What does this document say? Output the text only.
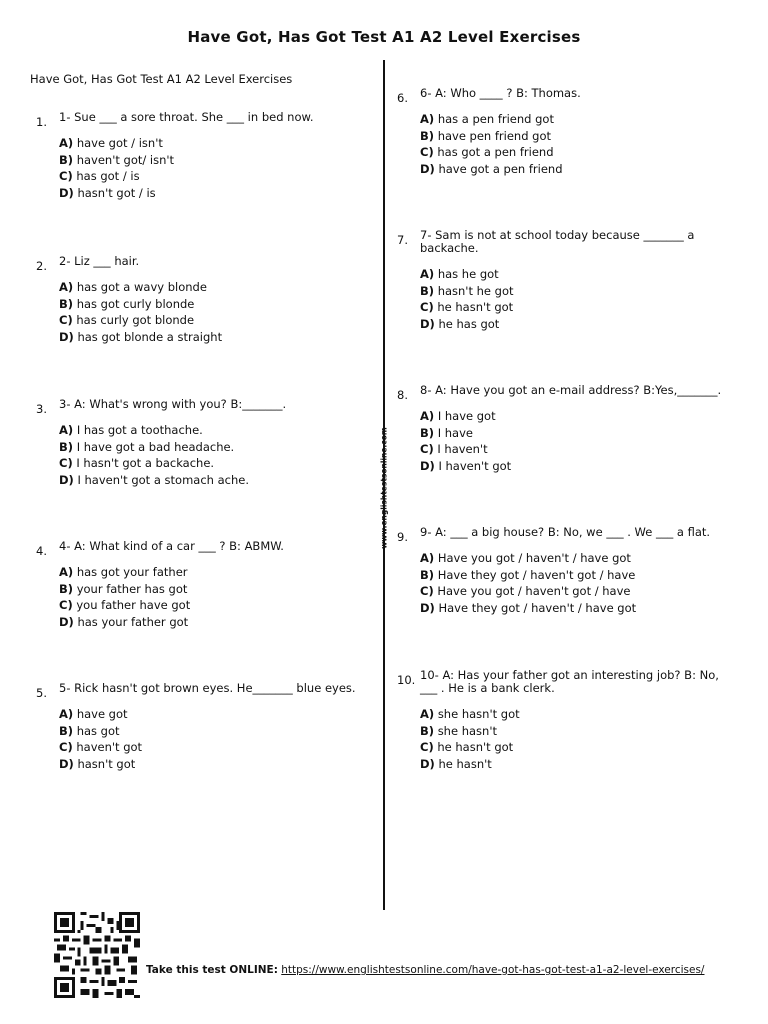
Have Got, Has Got Test A1 A2 Level Exercises
Have Got, Has Got Test A1 A2 Level Exercises
www.englishtestsonline.com
1. 1- Sue ___ a sore throat. She ___ in bed now.
A) have got / isn't
B) haven't got/ isn't
C) has got / is
D) hasn't got / is
2. 2- Liz ___ hair.
A) has got a wavy blonde
B) has got curly blonde
C) has curly got blonde
D) has got blonde a straight
3. 3- A: What's wrong with you? B:_______.
A) I has got a toothache.
B) I have got a bad headache.
C) I hasn't got a backache.
D) I haven't got a stomach ache.
4. 4- A: What kind of a car ___ ? B: ABMW.
A) has got your father
B) your father has got
C) you father have got
D) has your father got
5. 5- Rick hasn't got brown eyes. He_______ blue eyes.
A) have got
B) has got
C) haven't got
D) hasn't got
6. 6- A: Who ____ ? B: Thomas.
A) has a pen friend got
B) have pen friend got
C) has got a pen friend
D) have got a pen friend
7. 7- Sam is not at school today because _______ a backache.
A) has he got
B) hasn't he got
C) he hasn't got
D) he has got
8. 8- A: Have you got an e-mail address? B:Yes,_______.
A) I have got
B) I have
C) I haven't
D) I haven't got
9. 9- A: ___ a big house? B: No, we ___ . We ___ a flat.
A) Have you got / haven't / have got
B) Have they got / haven't got / have
C) Have you got / haven't got / have
D) Have they got / haven't / have got
10. 10- A: Has your father got an interesting job? B: No, ___ . He is a bank clerk.
A) she hasn't got
B) she hasn't
C) he hasn't got
D) he hasn't
Take this test ONLINE: https://www.englishtestsonline.com/have-got-has-got-test-a1-a2-level-exercises/
